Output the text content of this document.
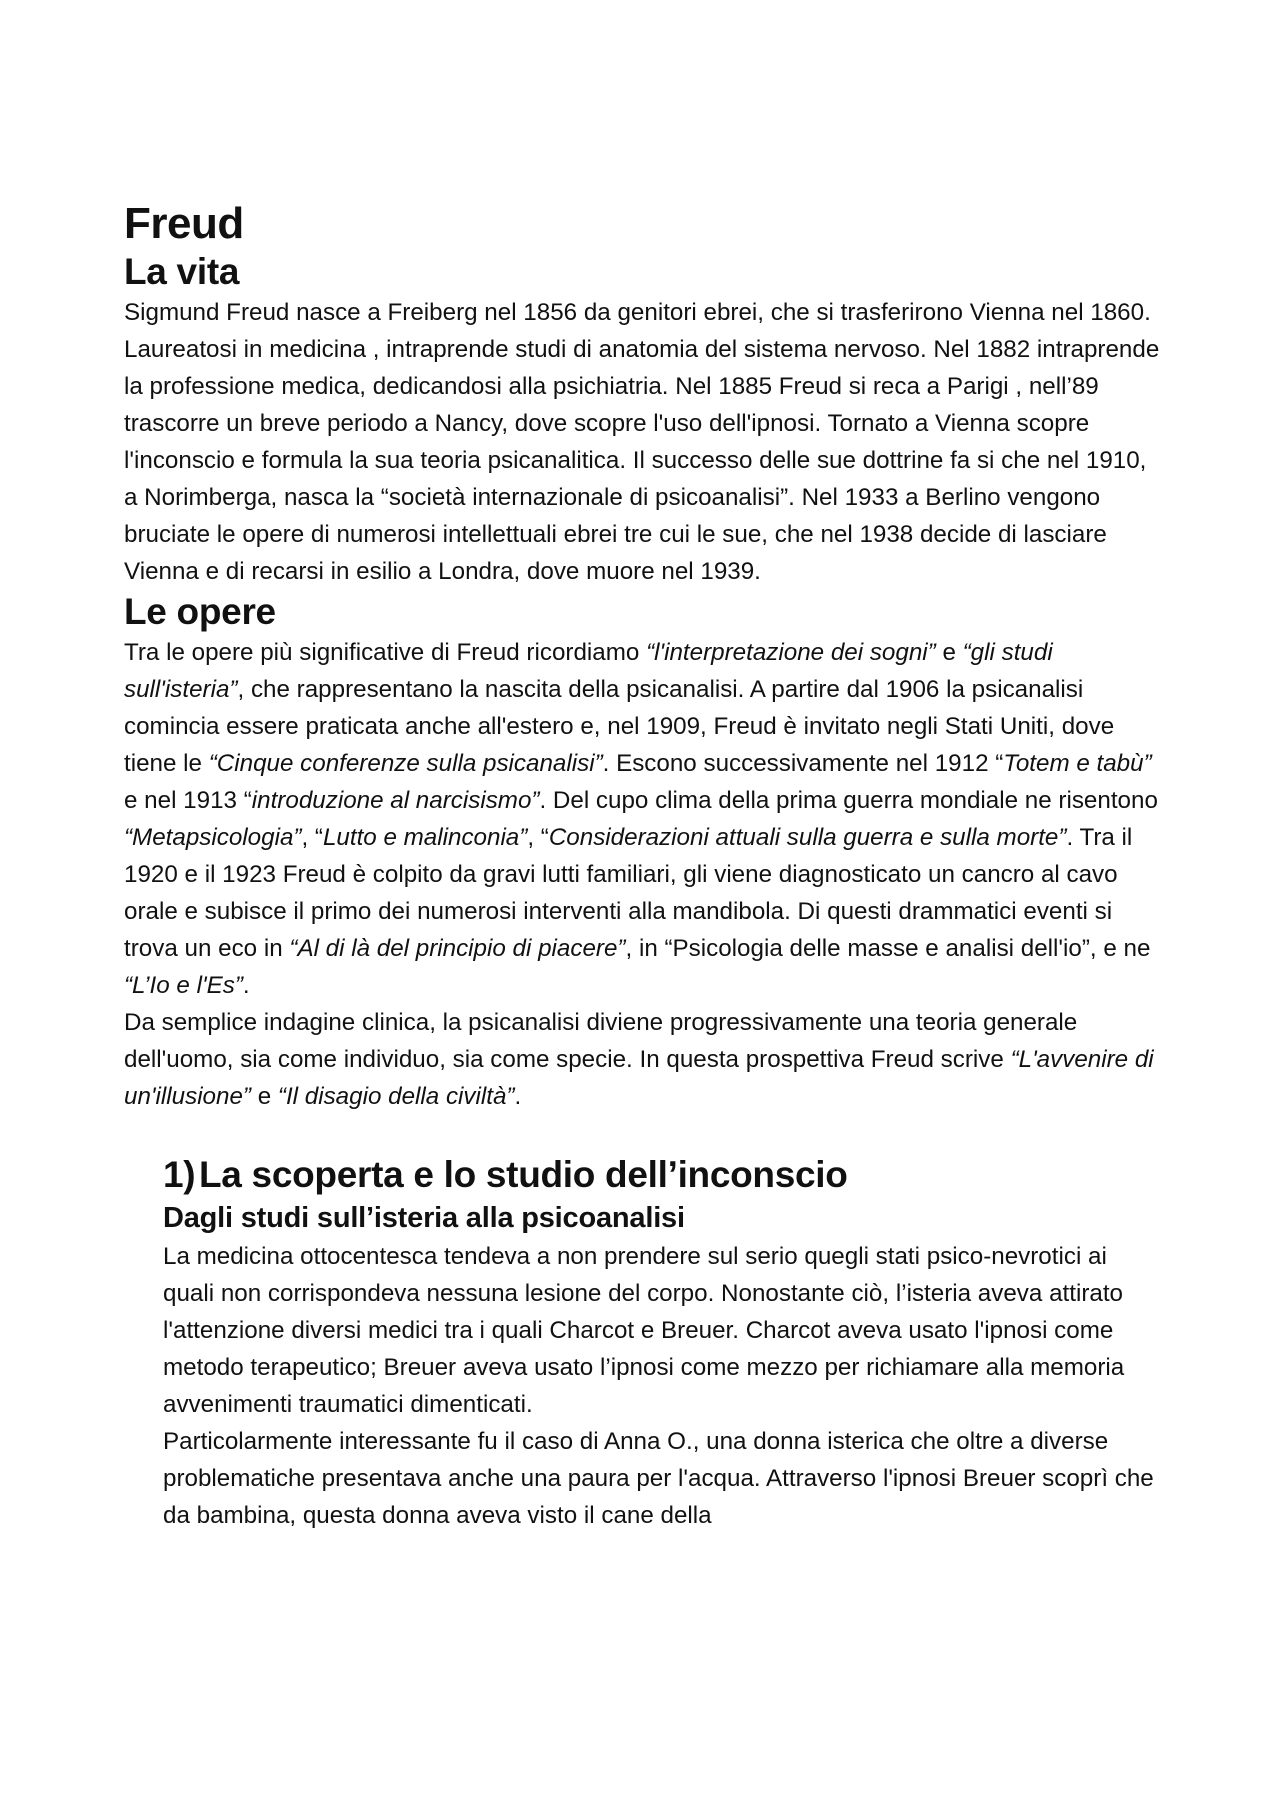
Freud
La vita

Sigmund Freud nasce a Freiberg nel 1856 da genitori ebrei, che si trasferirono Vienna nel 1860. Laureatosi in medicina , intraprende studi di anatomia del sistema nervoso. Nel 1882 intraprende la professione medica, dedicandosi alla psichiatria. Nel 1885 Freud si reca a Parigi , nell’89 trascorre un breve periodo a Nancy, dove scopre l'uso dell'ipnosi. Tornato a Vienna scopre l'inconscio e formula la sua teoria psicanalitica. Il successo delle sue dottrine fa si che nel 1910, a Norimberga, nasca la “società internazionale di psicoanalisi”. Nel 1933 a Berlino vengono bruciate le opere di numerosi intellettuali ebrei tre cui le sue, che nel 1938 decide di lasciare Vienna e di recarsi in esilio a Londra, dove muore nel 1939.

Le opere

Tra le opere più significative di Freud ricordiamo “l'interpretazione dei sogni” e “gli studi sull'isteria”, che rappresentano la nascita della psicanalisi. A partire dal 1906 la psicanalisi comincia essere praticata anche all'estero e, nel 1909, Freud è invitato negli Stati Uniti, dove tiene le “Cinque conferenze sulla psicanalisi”. Escono successivamente nel 1912 “Totem e tabù” e nel 1913 “introduzione al narcisismo”. Del cupo clima della prima guerra mondiale ne risentono “Metapsicologia”, “Lutto e malinconia”, “Considerazioni attuali sulla guerra e sulla morte”. Tra il 1920 e il 1923 Freud è colpito da gravi lutti familiari, gli viene diagnosticato un cancro al cavo orale e subisce il primo dei numerosi interventi alla mandibola. Di questi drammatici eventi si trova un eco in “Al di là del principio di piacere”, in “Psicologia delle masse e analisi dell'io”, e ne “L’Io e l'Es”.

Da semplice indagine clinica, la psicanalisi diviene progressivamente una teoria generale dell'uomo, sia come individuo, sia come specie. In questa prospettiva Freud scrive “L'avvenire di un'illusione” e “Il disagio della civiltà”.

1) La scoperta e lo studio dell’inconscio
Dagli studi sull’isteria alla psicoanalisi

La medicina ottocentesca tendeva a non prendere sul serio quegli stati psico-nevrotici ai quali non corrispondeva nessuna lesione del corpo. Nonostante ciò, l’isteria aveva attirato l'attenzione diversi medici tra i quali Charcot e Breuer. Charcot aveva usato l'ipnosi come metodo terapeutico; Breuer aveva usato l’ipnosi come mezzo per richiamare alla memoria avvenimenti traumatici dimenticati.

Particolarmente interessante fu il caso di Anna O., una donna isterica che oltre a diverse problematiche presentava anche una paura per l'acqua. Attraverso l'ipnosi Breuer scoprì che da bambina, questa donna aveva visto il cane della
